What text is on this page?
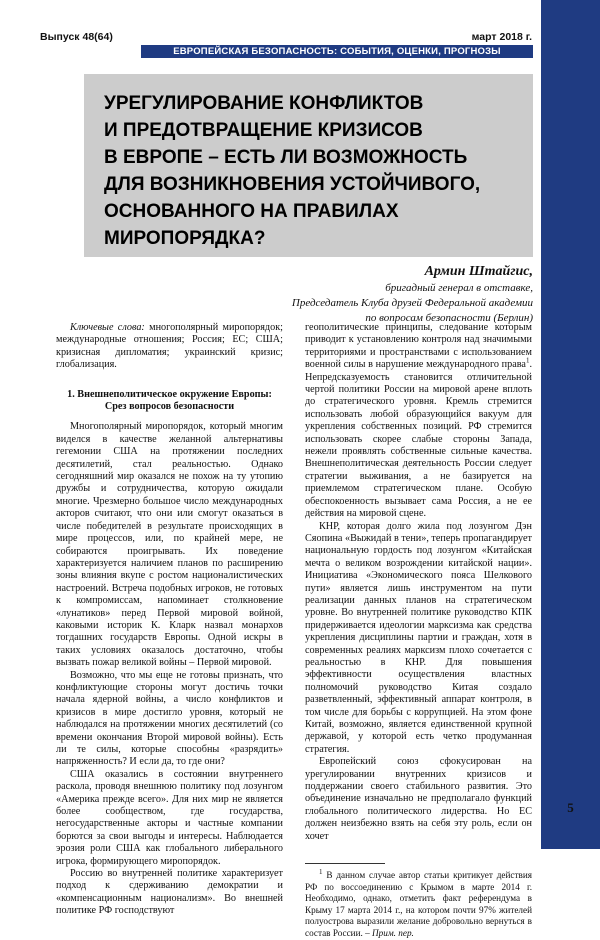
5
Выпуск 48(64)	март 2018 г.
ЕВРОПЕЙСКАЯ БЕЗОПАСНОСТЬ: СОБЫТИЯ, ОЦЕНКИ, ПРОГНОЗЫ
УРЕГУЛИРОВАНИЕ КОНФЛИКТОВ
И ПРЕДОТВРАЩЕНИЕ КРИЗИСОВ
В ЕВРОПЕ – ЕСТЬ ЛИ ВОЗМОЖНОСТЬ
ДЛЯ ВОЗНИКНОВЕНИЯ УСТОЙЧИВОГО,
ОСНОВАННОГО НА ПРАВИЛАХ
МИРОПОРЯДКА?
Армин Штайгис,
бригадный генерал в отставке,
Председатель Клуба друзей Федеральной академии
по вопросам безопасности (Берлин)

Ключевые слова: многополярный миропорядок; международные отношения; Россия; ЕС; США; кризисная дипломатия; украинский кризис; глобализация.

1. Внешнеполитическое окружение Европы:
Срез вопросов безопасности

Многополярный миропорядок, который многим виделся в качестве желанной альтернативы гегемонии США на протяжении последних десятилетий, стал реальностью. Однако сегодняшний мир оказался не похож на ту утопию дружбы и сотрудничества, которую ожидали многие. Чрезмерно большое число международных акторов считают, что они или смогут оказаться в числе победителей в результате происходящих в мире процессов, или, по крайней мере, не собираются проигрывать. Их поведение характеризуется наличием планов по расширению зоны влияния вкупе с ростом националистических настроений. Встреча подобных игроков, не готовых к компромиссам, напоминает столкновение «лунатиков» перед Первой мировой войной, каковыми историк К. Кларк назвал монархов тогдашних государств Европы. Одной искры в таких условиях оказалось достаточно, чтобы вызвать пожар великой войны – Первой мировой.

Возможно, что мы еще не готовы признать, что конфликтующие стороны могут достичь точки начала ядерной войны, а число конфликтов и кризисов в мире достигло уровня, который не наблюдался на протяжении многих десятилетий (со времени окончания Второй мировой войны). Есть ли те силы, которые способны «разрядить» напряженность? И если да, то где они?

США оказались в состоянии внутреннего раскола, проводя внешнюю политику под лозунгом «Америка прежде всего». Для них мир не является более сообществом, где государства, негосударственные акторы и частные компании борются за свои выгоды и интересы. Наблюдается эрозия роли США как глобального либерального игрока, формирующего миропорядок.

Россию во внутренней политике характеризует подход к сдерживанию демократии и «компенсационным национализм». Во внешней политике РФ господствуют

геополитические принципы, следование которым приводит к установлению контроля над значимыми территориями и пространствами с использованием военной силы в нарушение международного права$^1$. Непредсказуемость становится отличительной чертой политики России на мировой арене вплоть до стратегического уровня. Кремль стремится использовать любой образующийся вакуум для укрепления собственных позиций. РФ стремится использовать скорее слабые стороны Запада, нежели проявлять собственные сильные качества. Внешнеполитическая деятельность России следует стратегии выживания, а не базируется на приемлемом стратегическом плане. Особую обеспокоенность вызывает сама Россия, а не ее действия на мировой сцене.

КНР, которая долго жила под лозунгом Дэн Сяопина «Выжидай в тени», теперь пропагандирует национальную гордость под лозунгом «Китайская мечта о великом возрождении китайской нации». Инициатива «Экономического пояса Шелкового пути» является лишь инструментом на пути реализации данных планов на стратегическом уровне. Во внутренней политике руководство КПК придерживается идеологии марксизма как средства укрепления дисциплины партии и граждан, хотя в современных реалиях марксизм плохо сочетается с реальностью в КНР. Для повышения эффективности осуществления властных полномочий руководство Китая создало разветвленный, эффективный аппарат контроля, в том числе для борьбы с коррупцией. На этом фоне Китай, возможно, является единственной крупной державой, у которой есть четко продуманная стратегия.

Европейский союз сфокусирован на урегулировании внутренних кризисов и поддержании своего стабильного развития. Это объединение изначально не предполагало функций глобального политического лидерства. Но ЕС должен неизбежно взять на себя эту роль, если он хочет

$^1$ В данном случае автор статьи критикует действия РФ по воссоединению с Крымом в марте 2014 г. Необходимо, однако, отметить факт референдума в Крыму 17 марта 2014 г., на котором почти 97% жителей полуострова выразили желание добровольно вернуться в состав России. – Прим. пер.
